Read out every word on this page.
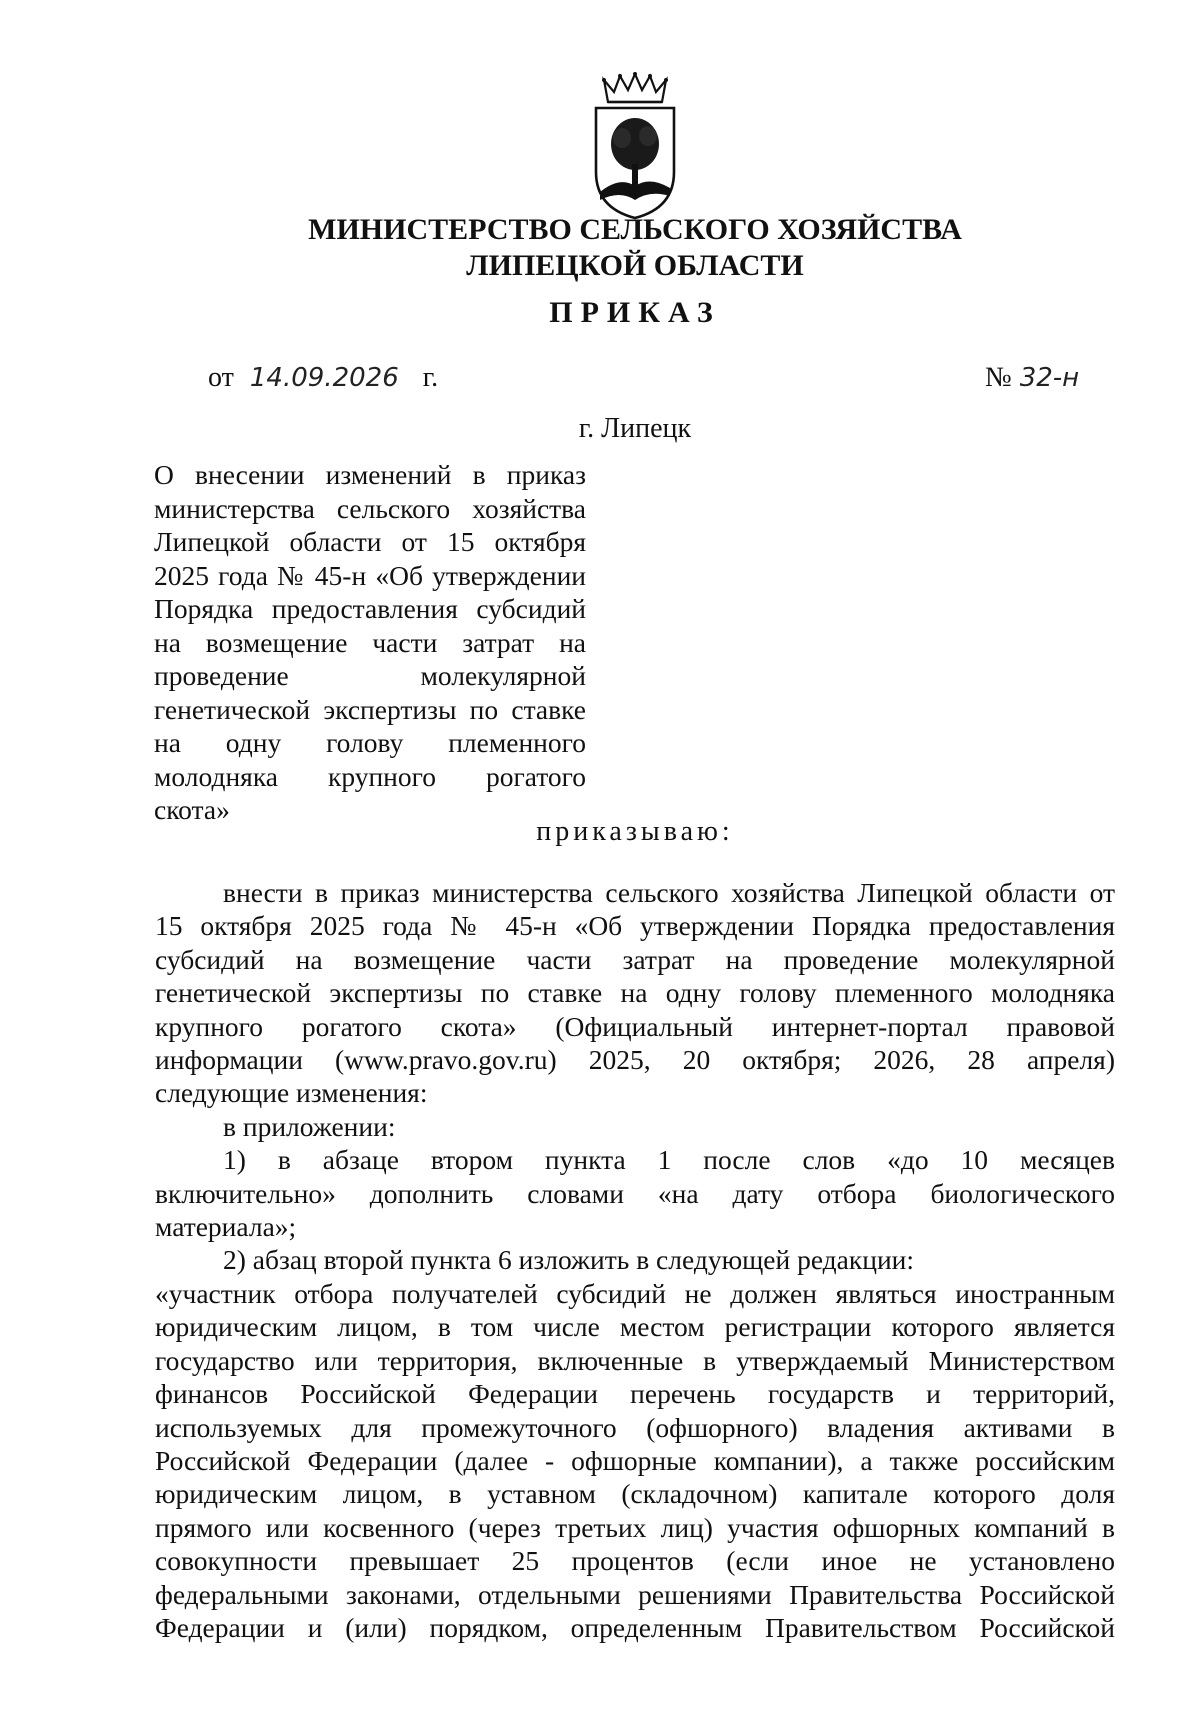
МИНИСТЕРСТВО СЕЛЬСКОГО ХОЗЯЙСТВА
ЛИПЕЦКОЙ ОБЛАСТИ
ПРИКАЗ
от 14.09.2026 г.	№ 32-н
г. Липецк
О внесении изменений в приказ
министерства сельского хозяйства
Липецкой области от 15 октября
2025 года № 45-н «Об утверждении
Порядка предоставления субсидий
на возмещение части затрат на
проведение молекулярной
генетической экспертизы по ставке
на одну голову племенного
молодняка крупного рогатого
скота»
приказываю:
внести в приказ министерства сельского хозяйства Липецкой области от
15 октября 2025 года № 45-н «Об утверждении Порядка предоставления
субсидий на возмещение части затрат на проведение молекулярной
генетической экспертизы по ставке на одну голову племенного молодняка
крупного рогатого скота» (Официальный интернет-портал правовой
информации (www.pravo.gov.ru) 2025, 20 октября; 2026, 28 апреля)
следующие изменения:
в приложении:
1) в абзаце втором пункта 1 после слов «до 10 месяцев
включительно» дополнить словами «на дату отбора биологического
материала»;
2) абзац второй пункта 6 изложить в следующей редакции:
«участник отбора получателей субсидий не должен являться иностранным
юридическим лицом, в том числе местом регистрации которого является
государство или территория, включенные в утверждаемый Министерством
финансов Российской Федерации перечень государств и территорий,
используемых для промежуточного (офшорного) владения активами в
Российской Федерации (далее - офшорные компании), а также российским
юридическим лицом, в уставном (складочном) капитале которого доля
прямого или косвенного (через третьих лиц) участия офшорных компаний в
совокупности превышает 25 процентов (если иное не установлено
федеральными законами, отдельными решениями Правительства Российской
Федерации и (или) порядком, определенным Правительством Российской
